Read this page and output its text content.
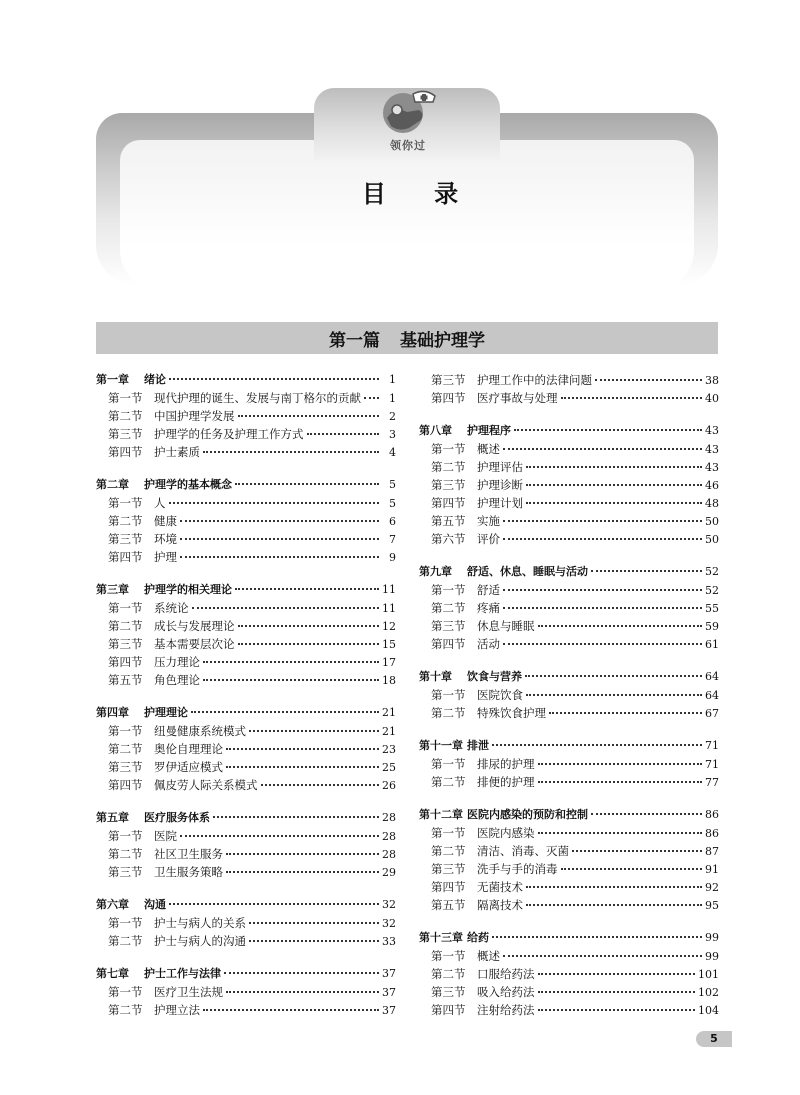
领你过
目 录
第一篇 基础护理学
第一章	绪论	1
第一节	现代护理的诞生、发展与南丁格尔的贡献	1
第二节	中国护理学发展	2
第三节	护理学的任务及护理工作方式	3
第四节	护士素质	4
第二章	护理学的基本概念	5
第一节	人	5
第二节	健康	6
第三节	环境	7
第四节	护理	9
第三章	护理学的相关理论	11
第一节	系统论	11
第二节	成长与发展理论	12
第三节	基本需要层次论	15
第四节	压力理论	17
第五节	角色理论	18
第四章	护理理论	21
第一节	纽曼健康系统模式	21
第二节	奥伦自理理论	23
第三节	罗伊适应模式	25
第四节	佩皮劳人际关系模式	26
第五章	医疗服务体系	28
第一节	医院	28
第二节	社区卫生服务	28
第三节	卫生服务策略	29
第六章	沟通	32
第一节	护士与病人的关系	32
第二节	护士与病人的沟通	33
第七章	护士工作与法律	37
第一节	医疗卫生法规	37
第二节	护理立法	37
第三节	护理工作中的法律问题	38
第四节	医疗事故与处理	40
第八章	护理程序	43
第一节	概述	43
第二节	护理评估	43
第三节	护理诊断	46
第四节	护理计划	48
第五节	实施	50
第六节	评价	50
第九章	舒适、休息、睡眠与活动	52
第一节	舒适	52
第二节	疼痛	55
第三节	休息与睡眠	59
第四节	活动	61
第十章	饮食与营养	64
第一节	医院饮食	64
第二节	特殊饮食护理	67
第十一章 排泄	71
第一节	排尿的护理	71
第二节	排便的护理	77
第十二章 医院内感染的预防和控制	86
第一节	医院内感染	86
第二节	清洁、消毒、灭菌	87
第三节	洗手与手的消毒	91
第四节	无菌技术	92
第五节	隔离技术	95
第十三章 给药	99
第一节	概述	99
第二节	口服给药法	101
第三节	吸入给药法	102
第四节	注射给药法	104
5
